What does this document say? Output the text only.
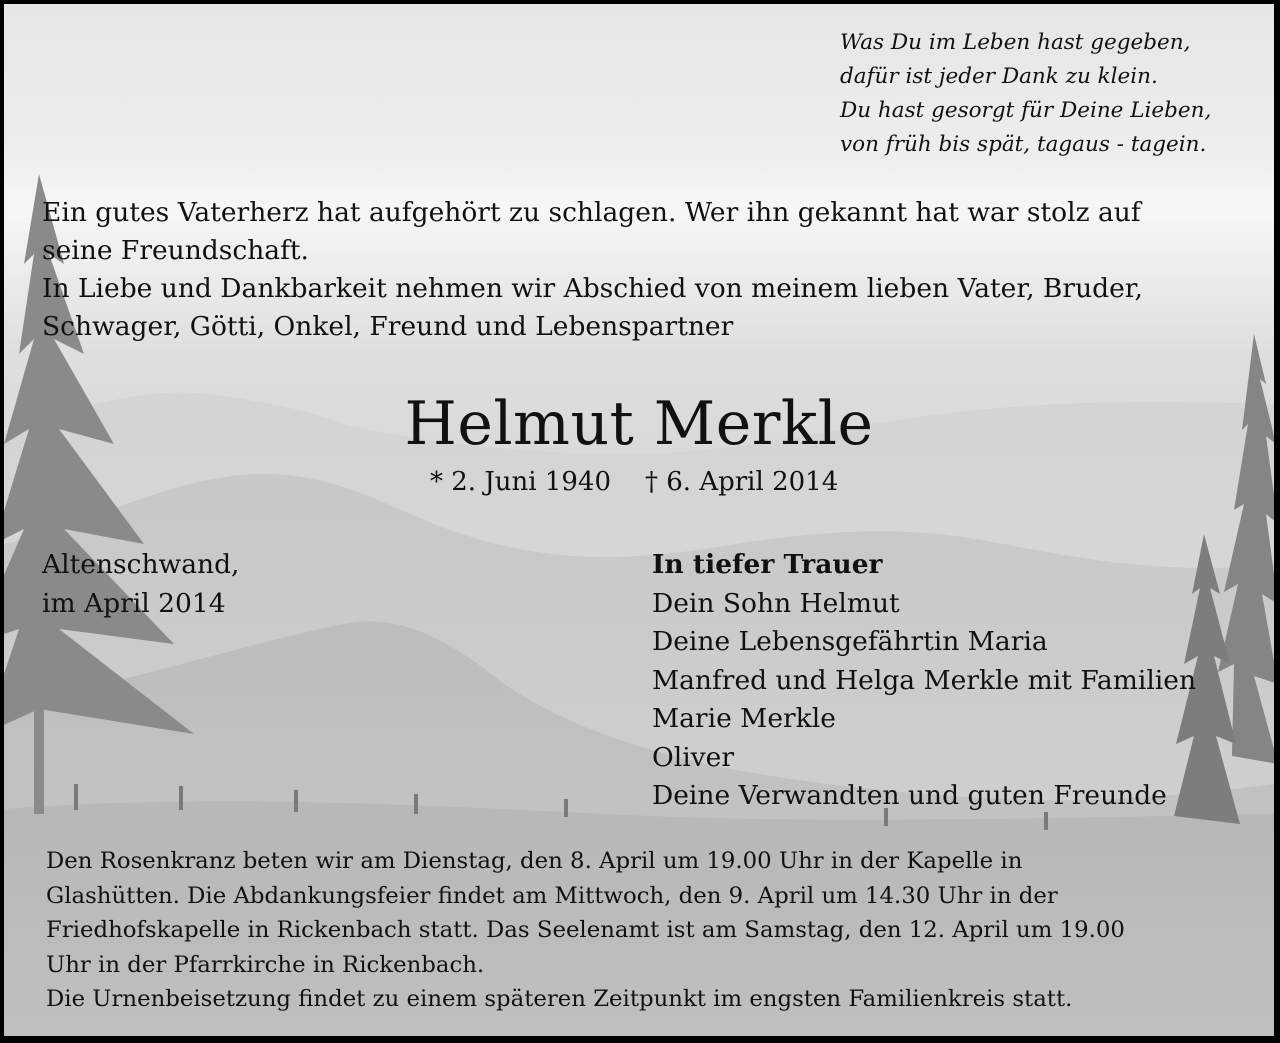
Was Du im Leben hast gegeben,
dafür ist jeder Dank zu klein.
Du hast gesorgt für Deine Lieben,
von früh bis spät, tagaus - tagein.
Ein gutes Vaterherz hat aufgehört zu schlagen. Wer ihn gekannt hat war stolz auf
seine Freundschaft.
In Liebe und Dankbarkeit nehmen wir Abschied von meinem lieben Vater, Bruder,
Schwager, Götti, Onkel, Freund und Lebenspartner
Helmut Merkle
* 2. Juni 1940 † 6. April 2014
Altenschwand,
im April 2014
In tiefer Trauer
Dein Sohn Helmut
Deine Lebensgefährtin Maria
Manfred und Helga Merkle mit Familien
Marie Merkle
Oliver
Deine Verwandten und guten Freunde
Den Rosenkranz beten wir am Dienstag, den 8. April um 19.00 Uhr in der Kapelle in
Glashütten. Die Abdankungsfeier findet am Mittwoch, den 9. April um 14.30 Uhr in der
Friedhofskapelle in Rickenbach statt. Das Seelenamt ist am Samstag, den 12. April um 19.00
Uhr in der Pfarrkirche in Rickenbach.
Die Urnenbeisetzung findet zu einem späteren Zeitpunkt im engsten Familienkreis statt.
